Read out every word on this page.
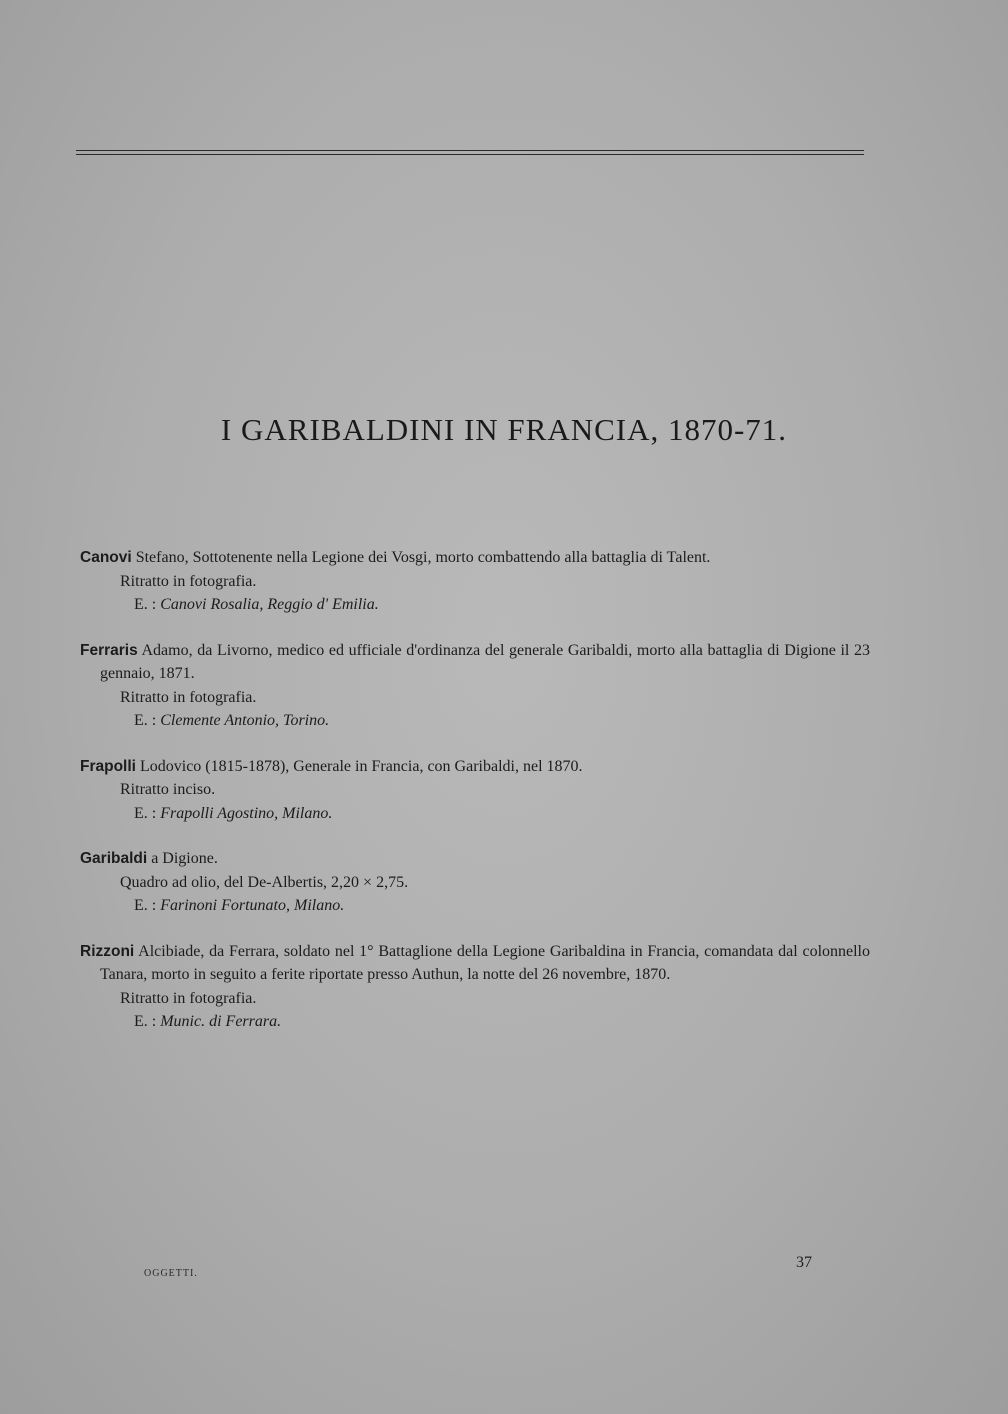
I GARIBALDINI IN FRANCIA, 1870-71.
Canovi Stefano, Sottotenente nella Legione dei Vosgi, morto combattendo alla battaglia di Talent.
Ritratto in fotografia.
E. : Canovi Rosalia, Reggio d' Emilia.
Ferraris Adamo, da Livorno, medico ed ufficiale d'ordinanza del generale Garibaldi, morto alla battaglia di Digione il 23 gennaio, 1871.
Ritratto in fotografia.
E. : Clemente Antonio, Torino.
Frapolli Lodovico (1815-1878), Generale in Francia, con Garibaldi, nel 1870.
Ritratto inciso.
E. : Frapolli Agostino, Milano.
Garibaldi a Digione.
Quadro ad olio, del De-Albertis, 2,20 × 2,75.
E. : Farinoni Fortunato, Milano.
Rizzoni Alcibiade, da Ferrara, soldato nel 1° Battaglione della Legione Garibaldina in Francia, comandata dal colonnello Tanara, morto in seguito a ferite riportate presso Authun, la notte del 26 novembre, 1870.
Ritratto in fotografia.
E. : Munic. di Ferrara.
OGGETTI.
37
